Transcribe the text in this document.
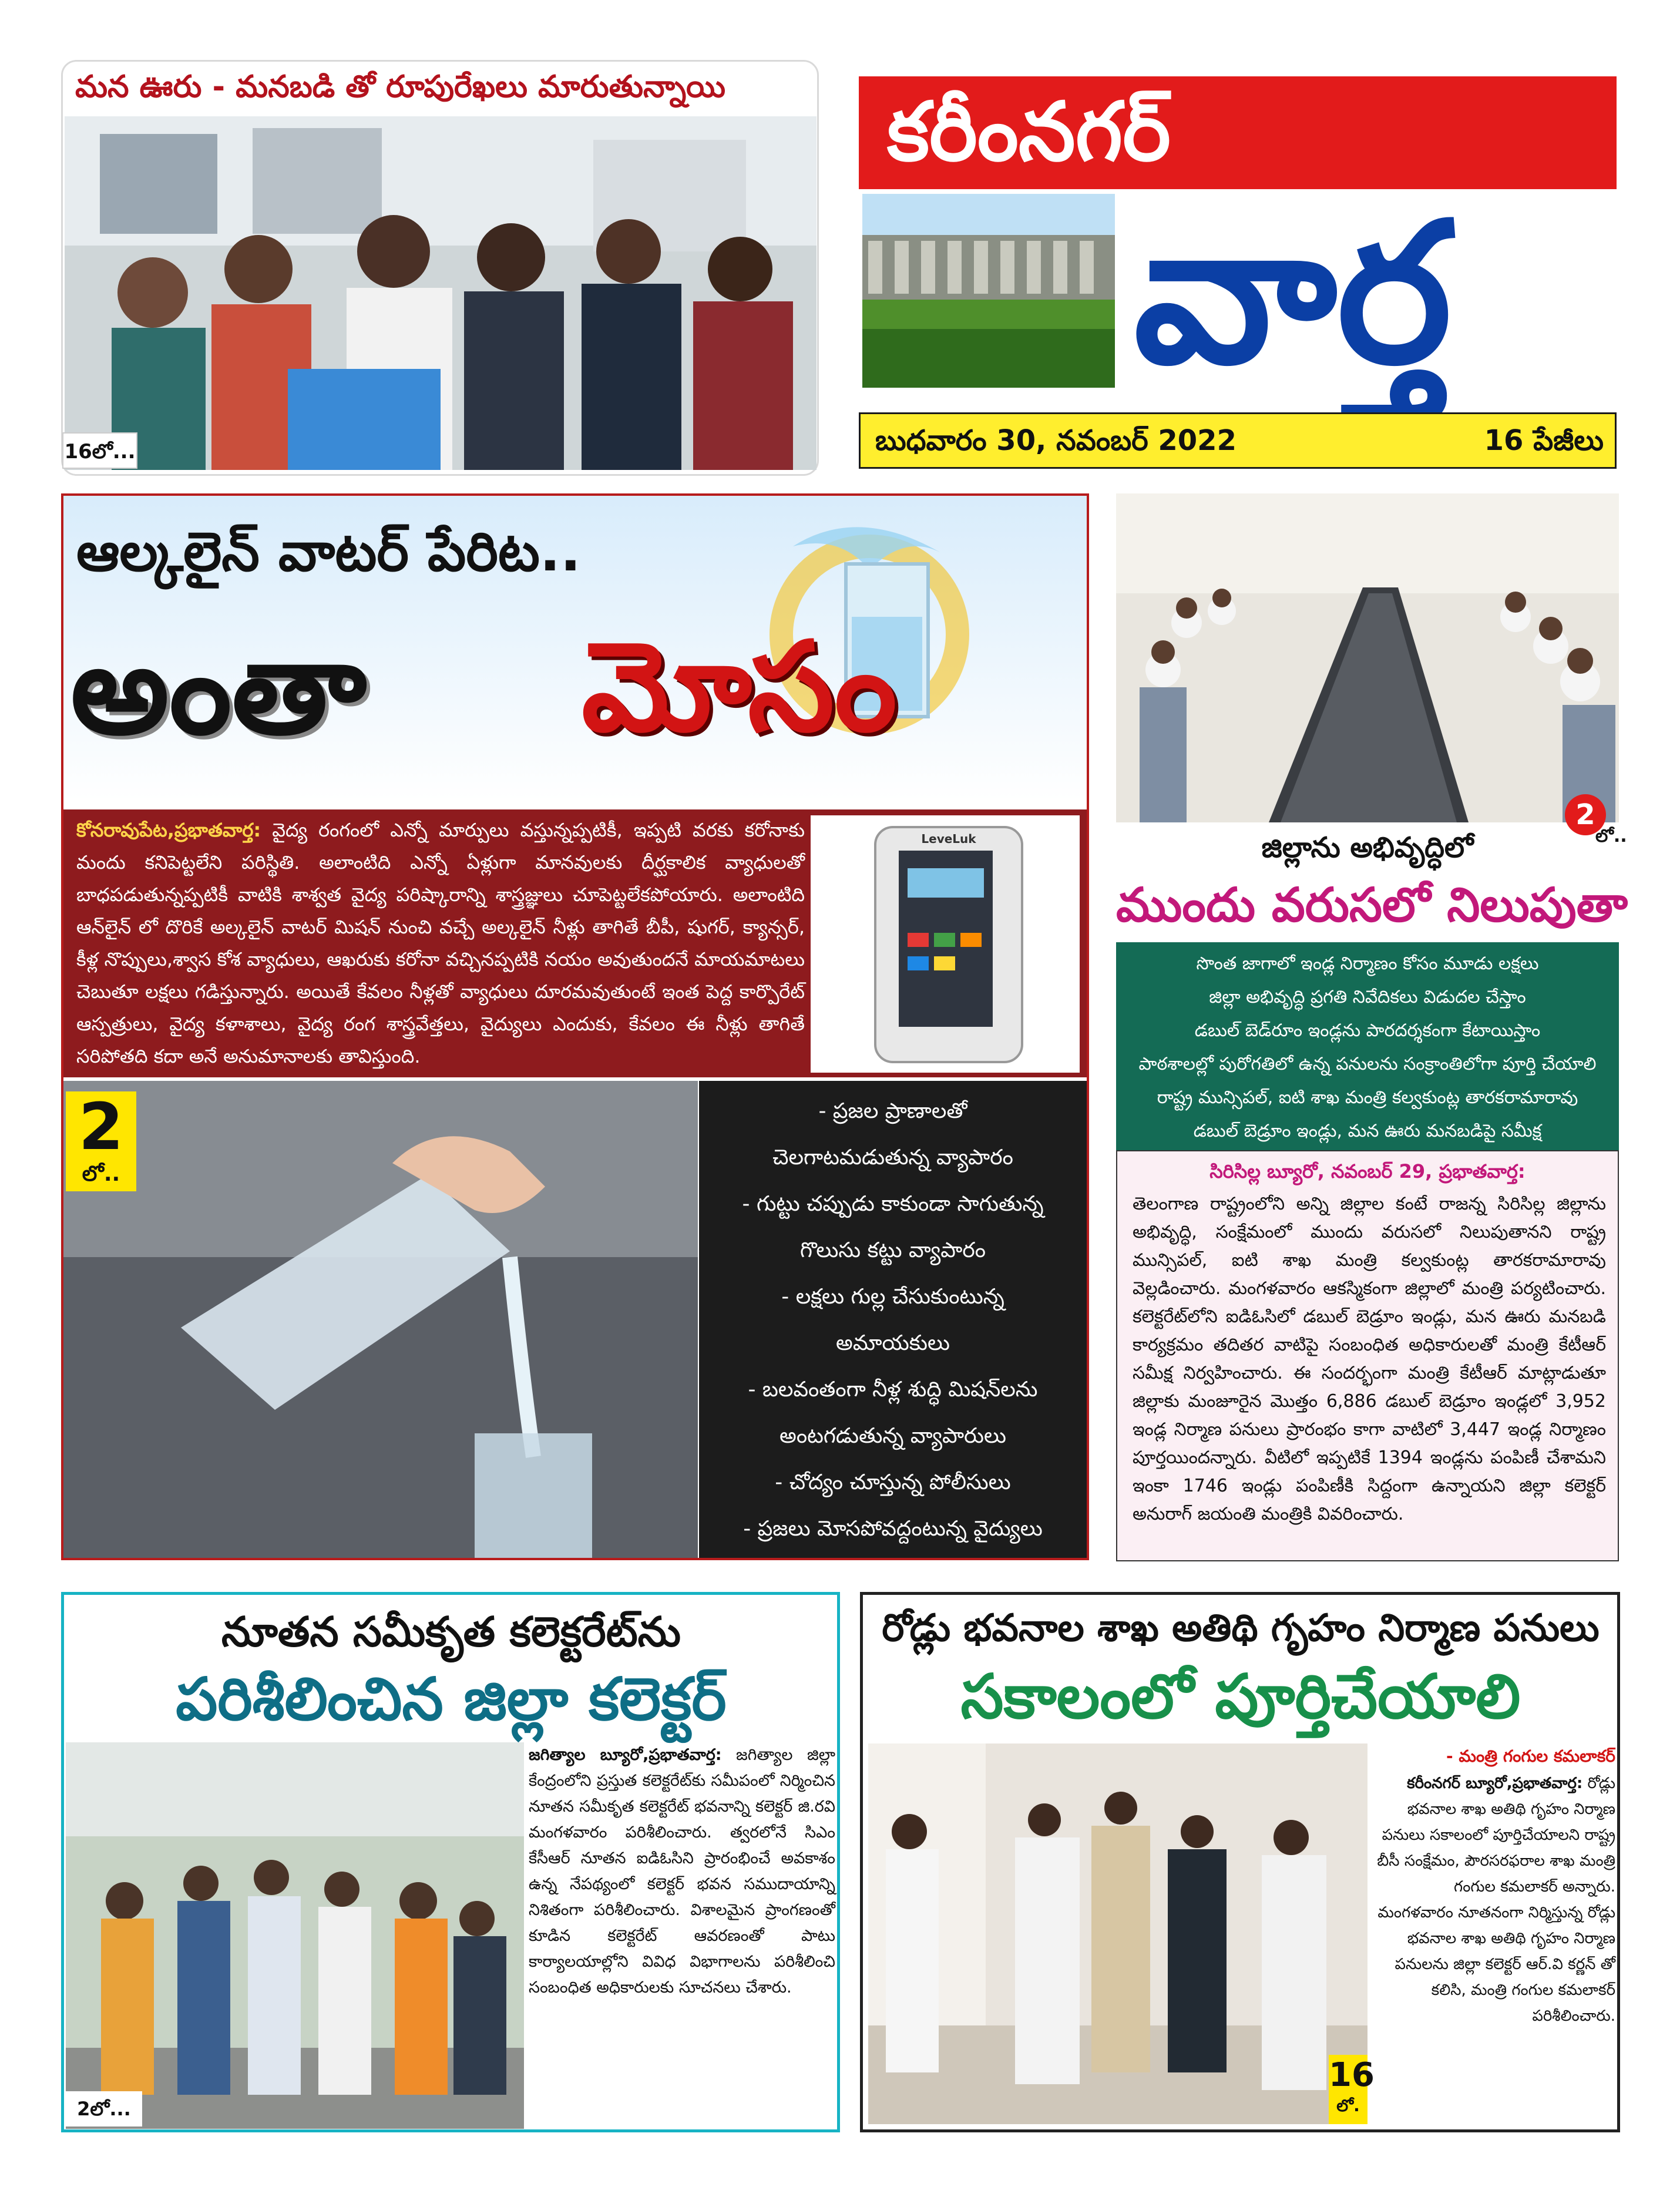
మన ఊరు - మనబడి తో రూపురేఖలు మారుతున్నాయి
16లో...
కరీంనగర్
వార్త
బుధవారం 30, నవంబర్ 2022	16 పేజీలు
ఆల్కలైన్ వాటర్ పేరిట..
అంతా	మోసం
కోనరావుపేట,ప్రభాతవార్త: వైద్య రంగంలో ఎన్నో మార్పులు వస్తున్నప్పటికీ, ఇప్పటి వరకు కరోనాకు మందు కనిపెట్టలేని పరిస్థితి. అలాంటిది ఎన్నో ఏళ్లుగా మానవులకు దీర్ఘకాలిక వ్యాధులతో బాధపడుతున్నప్పటికీ వాటికి శాశ్వత వైద్య పరిష్కారాన్ని శాస్త్రజ్ఞులు చూపెట్టలేకపోయారు. అలాంటిది ఆన్‌లైన్ లో దొరికే అల్కలైన్ వాటర్ మిషన్ నుంచి వచ్చే అల్కలైన్ నీళ్లు తాగితే బీపీ, షుగర్, క్యాన్సర్, కీళ్ల నొప్పులు,శ్వాస కోశ వ్యాధులు, ఆఖరుకు కరోనా వచ్చినప్పటికి నయం అవుతుందనే మాయమాటలు చెబుతూ లక్షలు గడిస్తున్నారు. అయితే కేవలం నీళ్లతో వ్యాధులు దూరమవుతుంటే ఇంత పెద్ద కార్పొరేట్ ఆస్పత్రులు, వైద్య కళాశాలు, వైద్య రంగ శాస్త్రవేత్తలు, వైద్యులు ఎందుకు, కేవలం ఈ నీళ్లు తాగితే సరిపోతది కదా అనే అనుమానాలకు తావిస్తుంది.
LeveLuk
2
లో..
- ప్రజల ప్రాణాలతో
చెలగాటమడుతున్న వ్యాపారం
- గుట్టు చప్పుడు కాకుండా సాగుతున్న
గొలుసు కట్టు వ్యాపారం
- లక్షలు గుల్ల చేసుకుంటున్న
అమాయకులు
- బలవంతంగా నీళ్ల శుద్ధి మిషన్‌లను
అంటగడుతున్న వ్యాపారులు
- చోద్యం చూస్తున్న పోలీసులు
- ప్రజలు మోసపోవద్దంటున్న వైద్యులు
2
లో..
జిల్లాను అభివృద్ధిలో
ముందు వరుసలో నిలుపుతా
సొంత జాగాలో ఇండ్ల నిర్మాణం కోసం మూడు లక్షలు
జిల్లా అభివృద్ధి ప్రగతి నివేదికలు విడుదల చేస్తాం
డబుల్ బెడ్‌రూం ఇండ్లను పారదర్శకంగా కేటాయిస్తాం
పాఠశాలల్లో పురోగతిలో ఉన్న పనులను సంక్రాంతిలోగా పూర్తి చేయాలి
రాష్ట్ర మున్సిపల్, ఐటి శాఖ మంత్రి కల్వకుంట్ల తారకరామారావు
డబుల్ బెడ్రూం ఇండ్లు, మన ఊరు మనబడిపై సమీక్ష
సిరిసిల్ల బ్యూరో, నవంబర్ 29, ప్రభాతవార్త:
తెలంగాణ రాష్ట్రంలోని అన్ని జిల్లాల కంటే రాజన్న సిరిసిల్ల జిల్లాను అభివృద్ధి, సంక్షేమంలో ముందు వరుసలో నిలుపుతానని రాష్ట్ర మున్సిపల్, ఐటి శాఖ మంత్రి కల్వకుంట్ల తారకరామారావు వెల్లడించారు. మంగళవారం ఆకస్మికంగా జిల్లాలో మంత్రి పర్యటించారు. కలెక్టరేట్‌లోని ఐడిఓసిలో డబుల్ బెడ్రూం ఇండ్లు, మన ఊరు మనబడి కార్యక్రమం తదితర వాటిపై సంబంధిత అధికారులతో మంత్రి కేటీఆర్ సమీక్ష నిర్వహించారు. ఈ సందర్భంగా మంత్రి కేటీఆర్ మాట్లాడుతూ జిల్లాకు మంజూరైన మొత్తం 6,886 డబుల్ బెడ్రూం ఇండ్లలో 3,952 ఇండ్ల నిర్మాణ పనులు ప్రారంభం కాగా వాటిలో 3,447 ఇండ్ల నిర్మాణం పూర్తయిందన్నారు. వీటిలో ఇప్పటికే 1394 ఇండ్లను పంపిణీ చేశామని ఇంకా 1746 ఇండ్లు పంపిణీకి సిద్దంగా ఉన్నాయని జిల్లా కలెక్టర్ అనురాగ్ జయంతి మంత్రికి వివరించారు.
నూతన సమీకృత కలెక్టరేట్‌ను
పరిశీలించిన జిల్లా కలెక్టర్
2లో...
జగిత్యాల బ్యూరో,ప్రభాతవార్త: జగిత్యాల జిల్లా కేంద్రంలోని ప్రస్తుత కలెక్టరేట్‌కు సమీపంలో నిర్మించిన నూతన సమీకృత కలెక్టరేట్ భవనాన్ని కలెక్టర్ జి.రవి మంగళవారం పరిశీలించారు. త్వరలోనే సిఎం కేసీఆర్ నూతన ఐడిఓసిని ప్రారంభించే అవకాశం ఉన్న నేపథ్యంలో కలెక్టర్ భవన సముదాయాన్ని నిశితంగా పరిశీలించారు. విశాలమైన ప్రాంగణంతో కూడిన కలెక్టరేట్ ఆవరణంతో పాటు కార్యాలయాల్లోని వివిధ విభాగాలను పరిశీలించి సంబంధిత అధికారులకు సూచనలు చేశారు.
రోడ్లు భవనాల శాఖ అతిథి గృహం నిర్మాణ పనులు
సకాలంలో పూర్తిచేయాలి
16
లో.
- మంత్రి గంగుల కమలాకర్
కరీంనగర్ బ్యూరో,ప్రభాతవార్త: రోడ్లు భవనాల శాఖ అతిథి గృహం నిర్మాణ పనులు సకాలంలో పూర్తిచేయాలని రాష్ట్ర బీసీ సంక్షేమం, పౌరసరఫరాల శాఖ మంత్రి గంగుల కమలాకర్ అన్నారు. మంగళవారం నూతనంగా నిర్మిస్తున్న రోడ్లు భవనాల శాఖ అతిథి గృహం నిర్మాణ పనులను జిల్లా కలెక్టర్ ఆర్.వి కర్ణన్ తో కలిసి, మంత్రి గంగుల కమలాకర్ పరిశీలించారు.
